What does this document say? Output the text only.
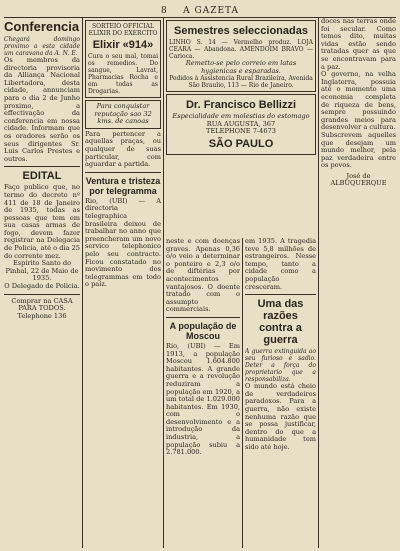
8 A GAZETA
Conferencia

Chegará domingo proximo a esta cidade um caravana da A. N. E.

Os membros da directoria provisoria da Alliança Nacional Libertadora, desta cidade, annunciam para o dia 2 de Junho proximo, a effectivação da conferencia em nossa cidade. Informam que os oradores serão os seus dirigentes Sr. Luis Carlos Prestes e outros.

EDITAL

Faço publico que, no termo do decreto nº 411 de 18 de Janeiro de 1935, todas as pessoas que tem em sua casas armas de fogo, devem fazer registrar na Delegacia de Policia, até o dia 25 do corrente mez.

Espirito Santo do Pinhal, 22 de Maio de 1935.

O Delegado de Policia.

Comprar na CASA PARA TODOS. Telephone 136

SORTEIO OFFICIAL
ELIXIR DO EXERCITO
Elixir «914»

Cura o seu mal, tomai os remedios. Do sangue, Lavrat, Pharmacias Rocha e em todas as Drogarias.

Para conquistar reputação sao 32 kms. de canoas

Para pertencer a aquellas praças, ou qualquer de suas particular, com aguardar a partida.

Ventura e tristeza por telegramma

Rio, (UBI) — A directoria telegraphica brasileira deixou de trabalhar no anno que preencheram um novo servico telephonico pelo seu contracto. Ficou constatado no movimento dos telegrammas em todo o paiz.

Semestres seleccionadas

LINHO S. 14 — Vermelho produz. LOJA CEARA — Abandona. AMENDOIM BRAVO — Carioca.

Remetto-se pelo correio em latas hygienicas e esparadas.

Pedidos à Assistencia Rural Brazileira, Avenida São Braulio, 113 — Rio de Janeiro.

Dr. Francisco Bellizzi

Especialidade em molestias do estomago

RUA AUGUSTA, 367

TELEPHONE 7-4673

SÃO PAULO

neste e com doenças graves. Apenas 0,36 o/o veio a determinar o ponteiro e 2,3 o/o de diftérias por acontecimentos vantajosos. O doente tratado com o assumpto commerciais.

A população de Moscou

Rio, (UBI) — Em 1913, a população Moscou 1.604.800 habitantes. A grande guerra e a revolução reduziram a população em 1920, a um total de 1.029.000 habitantes. Em 1930, com o desenvolvimento e a introdução da industria, a população subiu a 2.781.000.

em 1935. A tragedia teve 5,8 milhões de estrangeiros. Nesse tempo, tanto a cidade como a população cresceram.

Uma das razões contra a guerra

A guerra extinguida ao seu furioso e sadio. Deter a força do proprietario que a responsabiliza.

O mundo está cheio de verdadeiros paradoxos. Para a guerra, não existe nenhuma razão que se possa justificar, dentro do que a humanidade tem sido até hoje.

doces nas terras onde foi secular. Como temos dito, muitas vidas estão sendo tratadas quer as que se encontravam para a paz.

O governo, na velha Inglaterra, possuia até o momento uma economia completa de riqueza de bens, sempre possuindo grandes meios para desenvolver a cultura.

Subscrevem aquelles que desejam um mundo melhor, pela paz verdadeira entre os povos.

José de ALBUQUERQUE
